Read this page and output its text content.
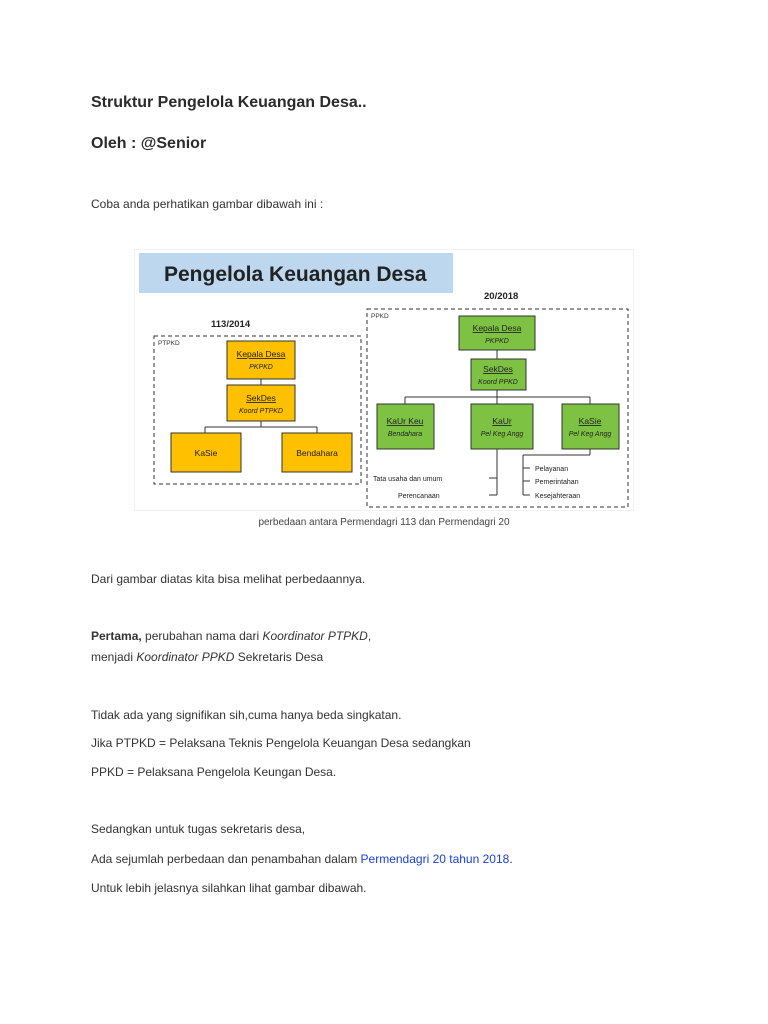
Struktur Pengelola Keuangan Desa..
Oleh : @Senior

Coba anda perhatikan gambar dibawah ini :

Pengelola Keuangan Desa
113/2014
PTPKD
Kepala Desa
PKPKD
SekDes
Koord PTPKD
KaSie	Bendahara
20/2018
PPKD
Kepala Desa
PKPKD
SekDes
Koord PPKD
KaUr Keu
Bendahara
KaUr
Pel Keg Angg
KaSie
Pel Keg Angg
Tata usaha dan umum
Perencanaan
Pelayanan
Pemerintahan
Kesejahteraan
perbedaan antara Permendagri 113 dan Permendagri 20

Dari gambar diatas kita bisa melihat perbedaannya.

Pertama, perubahan nama dari Koordinator PTPKD,
menjadi Koordinator PPKD Sekretaris Desa

Tidak ada yang signifikan sih,cuma hanya beda singkatan.

Jika PTPKD = Pelaksana Teknis Pengelola Keuangan Desa sedangkan

PPKD = Pelaksana Pengelola Keungan Desa.

Sedangkan untuk tugas sekretaris desa,

Ada sejumlah perbedaan dan penambahan dalam Permendagri 20 tahun 2018.

Untuk lebih jelasnya silahkan lihat gambar dibawah.
